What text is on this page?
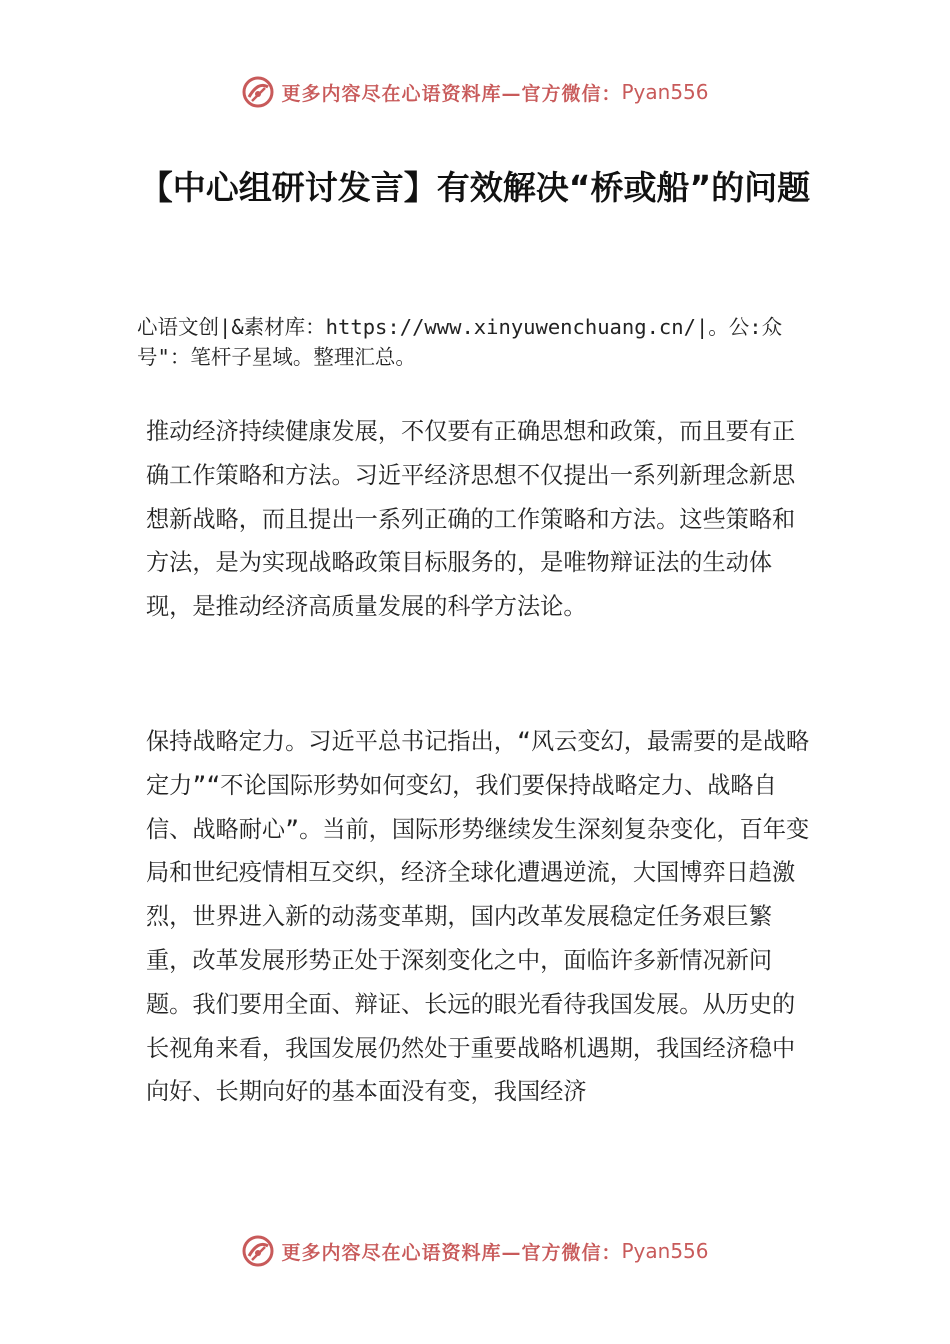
更多内容尽在心语资料库—官方微信： Pyan556
【中心组研讨发言】有效解决“桥或船”的问题
心语文创|&素材库：https://www.xinyuwenchuang.cn/|。公:众号"：笔杆子星域。整理汇总。

推动经济持续健康发展，不仅要有正确思想和政策，而且要有正确工作策略和方法。习近平经济思想不仅提出一系列新理念新思想新战略，而且提出一系列正确的工作策略和方法。这些策略和方法，是为实现战略政策目标服务的，是唯物辩证法的生动体现，是推动经济高质量发展的科学方法论。

保持战略定力。习近平总书记指出，“风云变幻，最需要的是战略定力”“不论国际形势如何变幻，我们要保持战略定力、战略自信、战略耐心”。当前，国际形势继续发生深刻复杂变化，百年变局和世纪疫情相互交织，经济全球化遭遇逆流，大国博弈日趋激烈，世界进入新的动荡变革期，国内改革发展稳定任务艰巨繁重，改革发展形势正处于深刻变化之中，面临许多新情况新问题。我们要用全面、辩证、长远的眼光看待我国发展。从历史的长视角来看，我国发展仍然处于重要战略机遇期，我国经济稳中向好、长期向好的基本面没有变，我国经济

更多内容尽在心语资料库—官方微信： Pyan556
